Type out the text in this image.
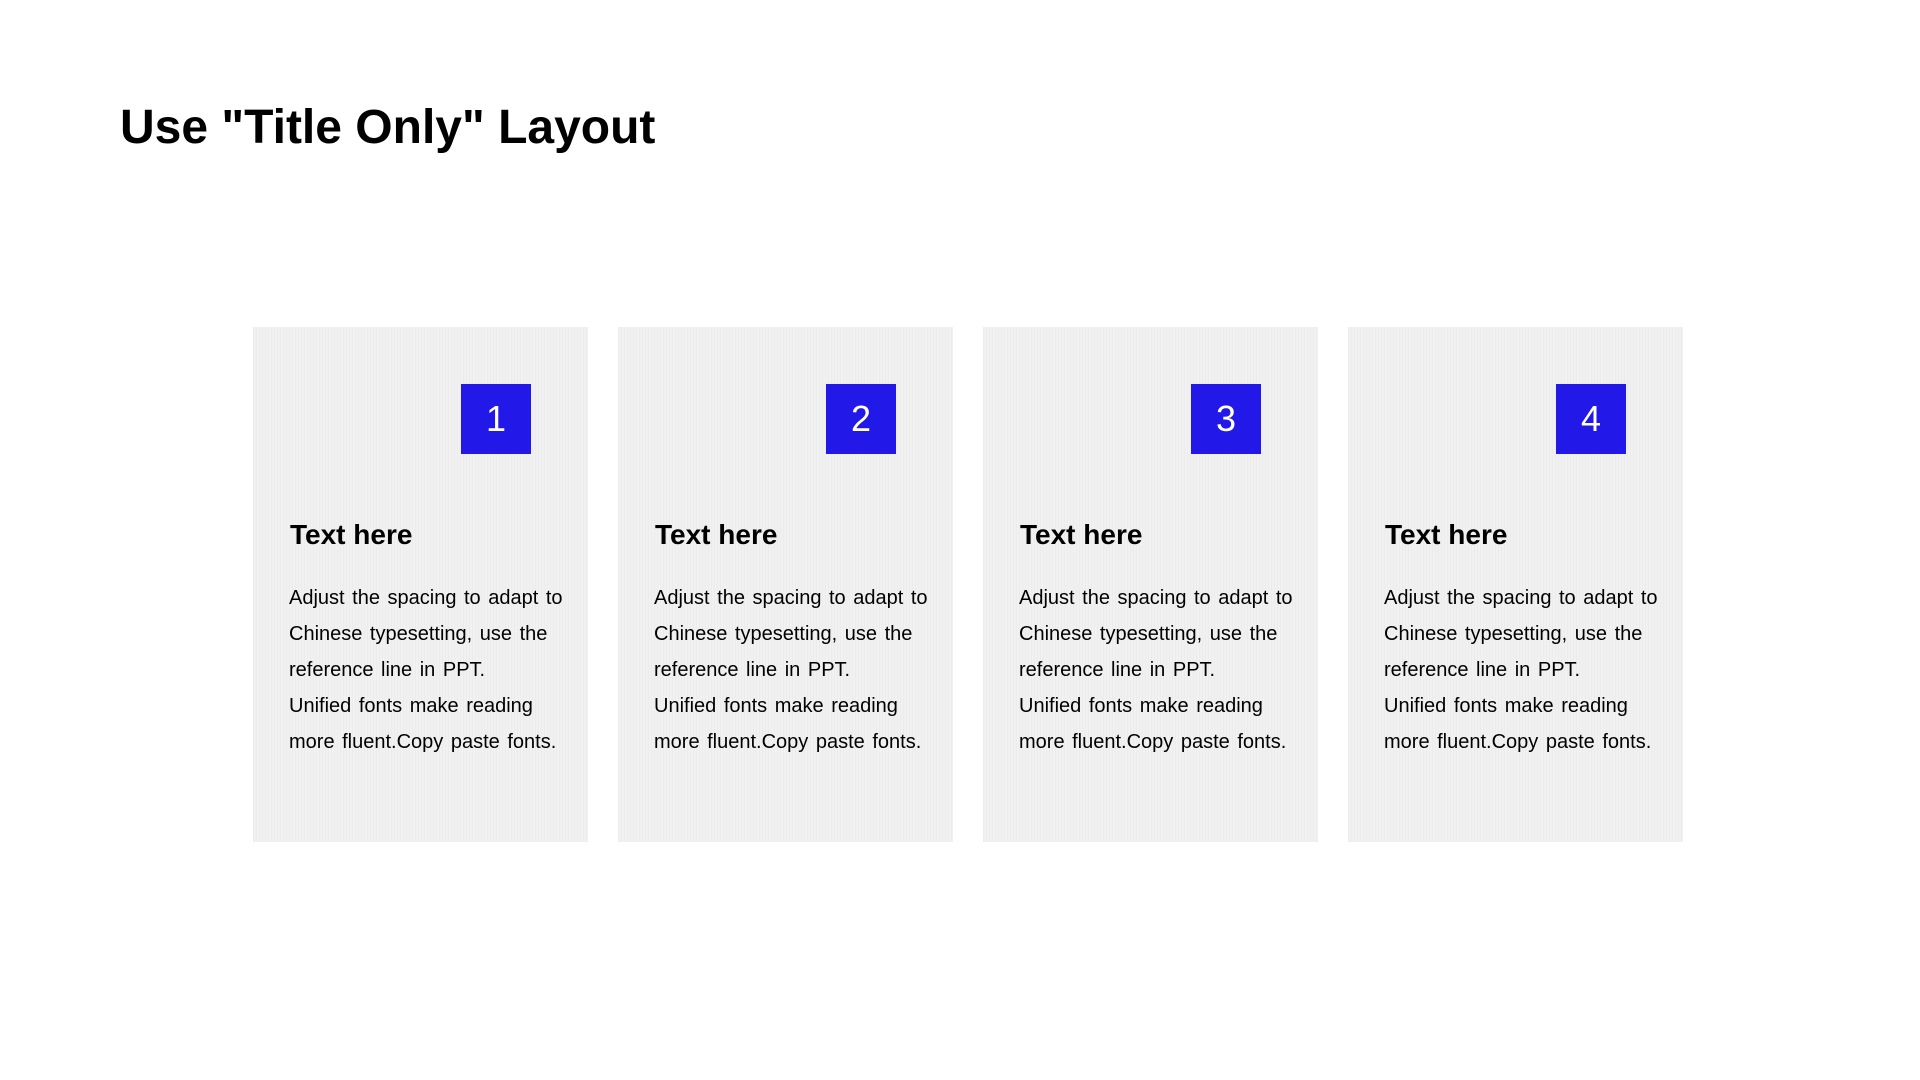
Use "Title Only" Layout
1
Text here
Adjust the spacing to adapt to
Chinese typesetting, use the
reference line in PPT.
Unified fonts make reading
more fluent.Copy paste fonts.
2
Text here
Adjust the spacing to adapt to
Chinese typesetting, use the
reference line in PPT.
Unified fonts make reading
more fluent.Copy paste fonts.
3
Text here
Adjust the spacing to adapt to
Chinese typesetting, use the
reference line in PPT.
Unified fonts make reading
more fluent.Copy paste fonts.
4
Text here
Adjust the spacing to adapt to
Chinese typesetting, use the
reference line in PPT.
Unified fonts make reading
more fluent.Copy paste fonts.
